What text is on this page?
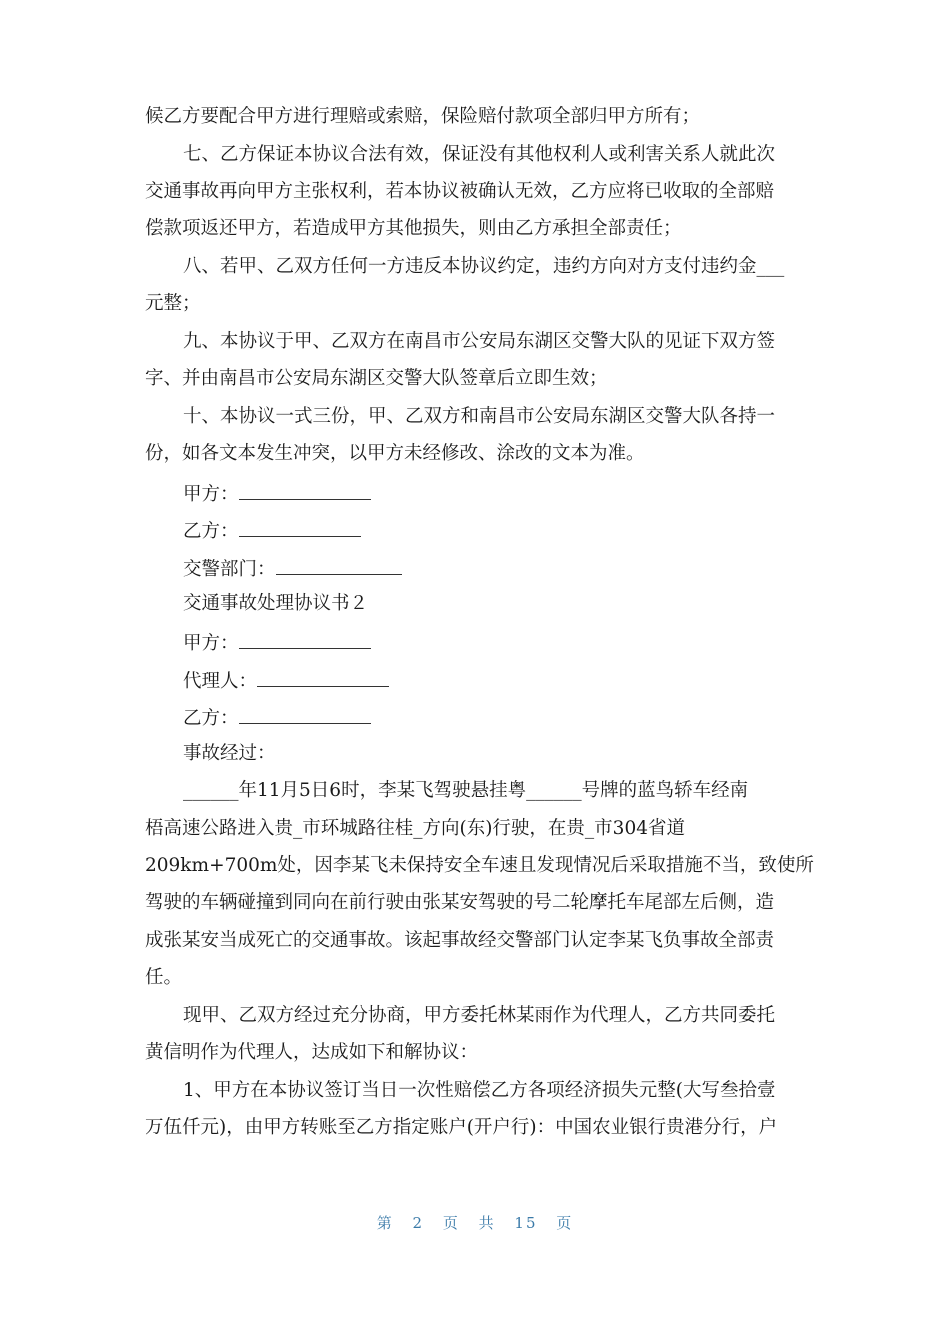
候乙方要配合甲方进行理赔或索赔，保险赔付款项全部归甲方所有；
七、乙方保证本协议合法有效，保证没有其他权利人或利害关系人就此次
交通事故再向甲方主张权利，若本协议被确认无效，乙方应将已收取的全部赔
偿款项返还甲方，若造成甲方其他损失，则由乙方承担全部责任；
八、若甲、乙双方任何一方违反本协议约定，违约方向对方支付违约金___
元整；
九、本协议于甲、乙双方在南昌市公安局东湖区交警大队的见证下双方签
字、并由南昌市公安局东湖区交警大队签章后立即生效；
十、本协议一式三份，甲、乙双方和南昌市公安局东湖区交警大队各持一
份，如各文本发生冲突，以甲方未经修改、涂改的文本为准。
甲方：
乙方：
交警部门：
交通事故处理协议书２
甲方：
代理人：
乙方：
事故经过：
______年11月5日6时，李某飞驾驶悬挂粤______号牌的蓝鸟轿车经南
梧高速公路进入贵_市环城路往桂_方向(东)行驶，在贵_市304省道
209km+700m处，因李某飞未保持安全车速且发现情况后采取措施不当，致使所
驾驶的车辆碰撞到同向在前行驶由张某安驾驶的号二轮摩托车尾部左后侧，造
成张某安当成死亡的交通事故。该起事故经交警部门认定李某飞负事故全部责
任。
现甲、乙双方经过充分协商，甲方委托林某雨作为代理人，乙方共同委托
黄信明作为代理人，达成如下和解协议：
1、甲方在本协议签订当日一次性赔偿乙方各项经济损失元整(大写叁拾壹
万伍仟元)，由甲方转账至乙方指定账户(开户行)：中国农业银行贵港分行，户
第 2 页 共 15 页
